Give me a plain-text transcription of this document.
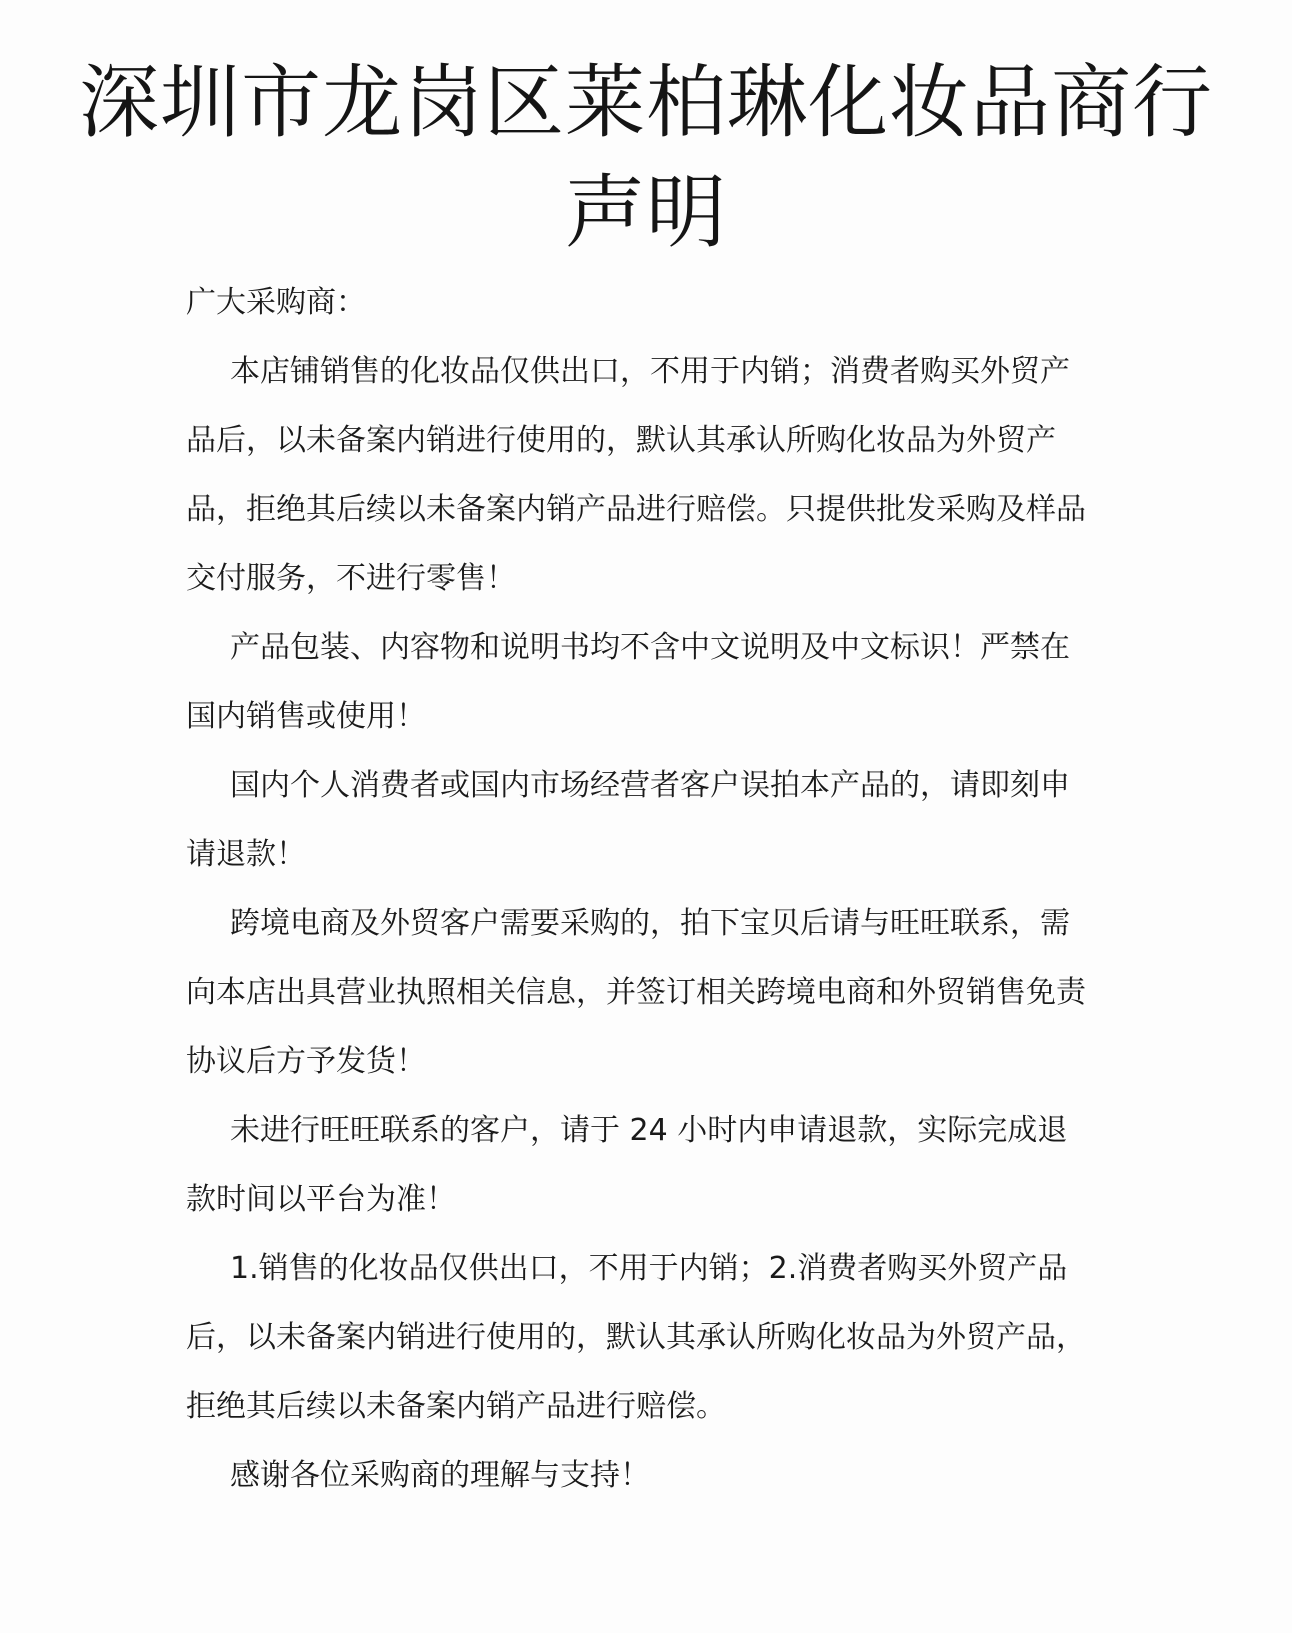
深圳市龙岗区莱柏琳化妆品商行
声明

广大采购商：

本店铺销售的化妆品仅供出口，不用于内销；消费者购买外贸产品后，以未备案内销进行使用的，默认其承认所购化妆品为外贸产品，拒绝其后续以未备案内销产品进行赔偿。只提供批发采购及样品交付服务，不进行零售！

产品包装、内容物和说明书均不含中文说明及中文标识！严禁在国内销售或使用！

国内个人消费者或国内市场经营者客户误拍本产品的，请即刻申请退款！

跨境电商及外贸客户需要采购的，拍下宝贝后请与旺旺联系，需向本店出具营业执照相关信息，并签订相关跨境电商和外贸销售免责协议后方予发货！

未进行旺旺联系的客户，请于 24 小时内申请退款，实际完成退款时间以平台为准！

1.销售的化妆品仅供出口，不用于内销；2.消费者购买外贸产品后，以未备案内销进行使用的，默认其承认所购化妆品为外贸产品，拒绝其后续以未备案内销产品进行赔偿。

感谢各位采购商的理解与支持！
